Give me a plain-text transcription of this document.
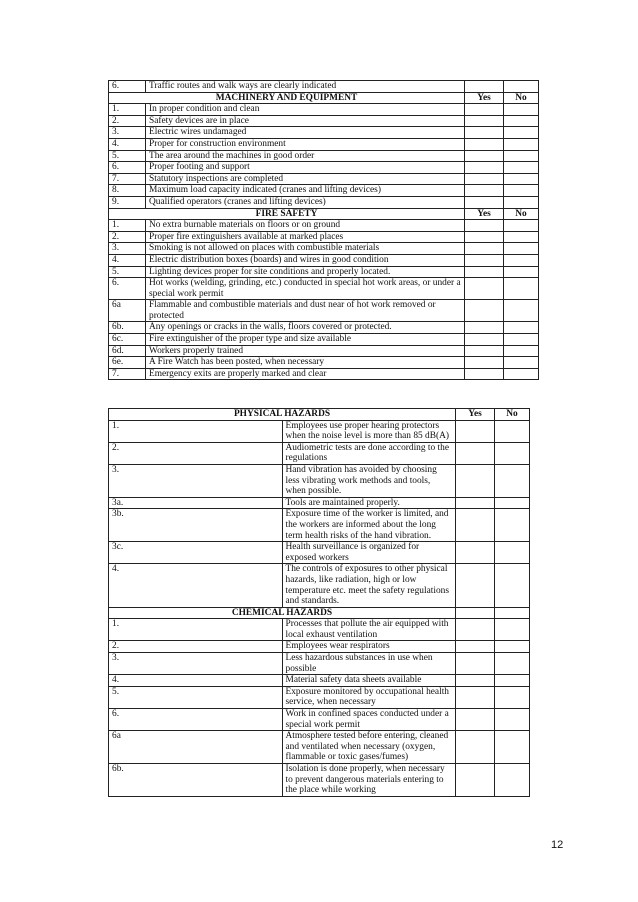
6.	Traffic routes and walk ways are clearly indicated		
MACHINERY AND EQUIPMENT		Yes	No
1.	In proper condition and clean		
2.	Safety devices are in place		
3.	Electric wires undamaged		
4.	Proper for construction environment		
5.	The area around the machines in good order		
6.	Proper footing and support		
7.	Statutory inspections are completed		
8.	Maximum load capacity indicated (cranes and lifting devices)		
9.	Qualified operators (cranes and lifting devices)		
FIRE SAFETY		Yes	No
1.	No extra burnable materials on floors or on ground		
2.	Proper fire extinguishers available at marked places		
3.	Smoking is not allowed on places with combustible materials		
4.	Electric distribution boxes (boards) and wires in good condition		
5.	Lighting devices proper for site conditions and properly located.		
6.	Hot works (welding, grinding, etc.) conducted in special hot work areas, or under a special work permit		
6a	Flammable and combustible materials and dust near of hot work removed or protected		
6b.	Any openings or cracks in the walls, floors covered or protected.		
6c.	Fire extinguisher of the proper type and size available		
6d.	Workers properly trained		
6e.	A Fire Watch has been posted, when necessary		
7.	Emergency exits are properly marked and clear		
PHYSICAL HAZARDS		Yes	No
1.	Employees use proper hearing protectors when the noise level is more than 85 dB(A)		
2.	Audiometric tests are done according to the regulations		
3.	Hand vibration has avoided by choosing less vibrating work methods and tools, when possible.		
3a.	Tools are maintained properly.		
3b.	Exposure time of the worker is limited, and the workers are informed about the long term health risks of the hand vibration.		
3c.	Health surveillance is organized for exposed workers		
4.	The controls of exposures to other physical hazards, like radiation, high or low temperature etc. meet the safety regulations and standards.		
CHEMICAL HAZARDS			
1.	Processes that pollute the air equipped with local exhaust ventilation		
2.	Employees wear respirators		
3.	Less hazardous substances in use when possible		
4.	Material safety data sheets available		
5.	Exposure monitored by occupational health service, when necessary		
6.	Work in confined spaces conducted under a special work permit		
6a	Atmosphere tested before entering, cleaned and ventilated when necessary (oxygen, flammable or toxic gases/fumes)		
6b.	Isolation is done properly, when necessary to prevent dangerous materials entering to the place while working		
12
